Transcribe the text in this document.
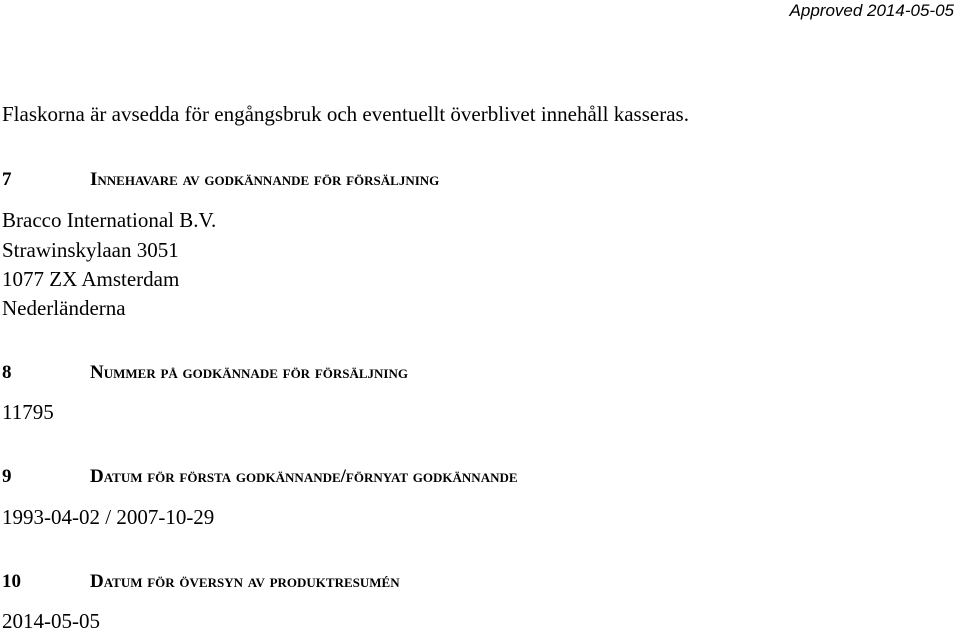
Approved 2014-05-05
Flaskorna är avsedda för engångsbruk och eventuellt överblivet innehåll kasseras.
7	Innehavare av godkännande för försäljning
Bracco International B.V.
Strawinskylaan 3051
1077 ZX Amsterdam
Nederländerna
8	Nummer på godkännade för försäljning
11795
9	Datum för första godkännande/förnyat godkännande
1993-04-02 / 2007-10-29
10	Datum för översyn av produktresumén
2014-05-05
